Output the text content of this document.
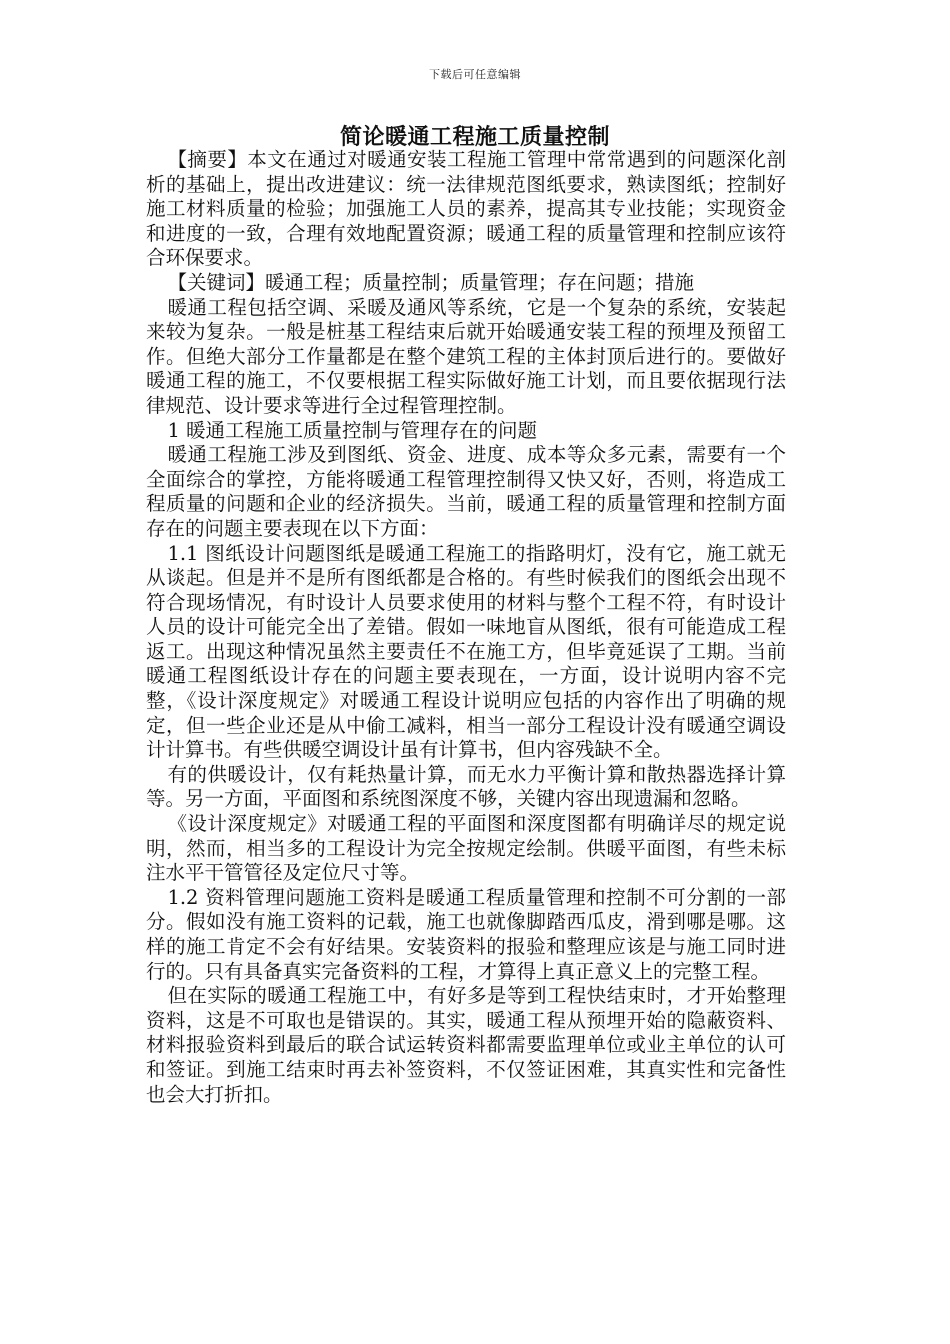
下载后可任意编辑
简论暖通工程施工质量控制

【摘要】本文在通过对暖通安装工程施工管理中常常遇到的问题深化剖析的基础上，提出改进建议：统一法律规范图纸要求，熟读图纸；控制好施工材料质量的检验；加强施工人员的素养，提高其专业技能；实现资金和进度的一致，合理有效地配置资源；暖通工程的质量管理和控制应该符合环保要求。

【关键词】暖通工程；质量控制；质量管理；存在问题；措施

暖通工程包括空调、采暖及通风等系统，它是一个复杂的系统，安装起来较为复杂。一般是桩基工程结束后就开始暖通安装工程的预埋及预留工作。但绝大部分工作量都是在整个建筑工程的主体封顶后进行的。要做好暖通工程的施工，不仅要根据工程实际做好施工计划，而且要依据现行法律规范、设计要求等进行全过程管理控制。

1 暖通工程施工质量控制与管理存在的问题

暖通工程施工涉及到图纸、资金、进度、成本等众多元素，需要有一个全面综合的掌控，方能将暖通工程管理控制得又快又好，否则，将造成工程质量的问题和企业的经济损失。当前，暖通工程的质量管理和控制方面存在的问题主要表现在以下方面：

1.1 图纸设计问题图纸是暖通工程施工的指路明灯，没有它，施工就无从谈起。但是并不是所有图纸都是合格的。有些时候我们的图纸会出现不符合现场情况，有时设计人员要求使用的材料与整个工程不符，有时设计人员的设计可能完全出了差错。假如一味地盲从图纸，很有可能造成工程返工。出现这种情况虽然主要责任不在施工方，但毕竟延误了工期。当前暖通工程图纸设计存在的问题主要表现在，一方面，设计说明内容不完整，《设计深度规定》对暖通工程设计说明应包括的内容作出了明确的规定，但一些企业还是从中偷工减料，相当一部分工程设计没有暖通空调设计计算书。有些供暖空调设计虽有计算书，但内容残缺不全。

有的供暖设计，仅有耗热量计算，而无水力平衡计算和散热器选择计算等。另一方面，平面图和系统图深度不够，关键内容出现遗漏和忽略。

《设计深度规定》对暖通工程的平面图和深度图都有明确详尽的规定说明，然而，相当多的工程设计为完全按规定绘制。供暖平面图，有些未标注水平干管管径及定位尺寸等。

1.2 资料管理问题施工资料是暖通工程质量管理和控制不可分割的一部分。假如没有施工资料的记载，施工也就像脚踏西瓜皮，滑到哪是哪。这样的施工肯定不会有好结果。安装资料的报验和整理应该是与施工同时进行的。只有具备真实完备资料的工程，才算得上真正意义上的完整工程。

但在实际的暖通工程施工中，有好多是等到工程快结束时，才开始整理资料，这是不可取也是错误的。其实，暖通工程从预埋开始的隐蔽资料、材料报验资料到最后的联合试运转资料都需要监理单位或业主单位的认可和签证。到施工结束时再去补签资料，不仅签证困难，其真实性和完备性也会大打折扣。
